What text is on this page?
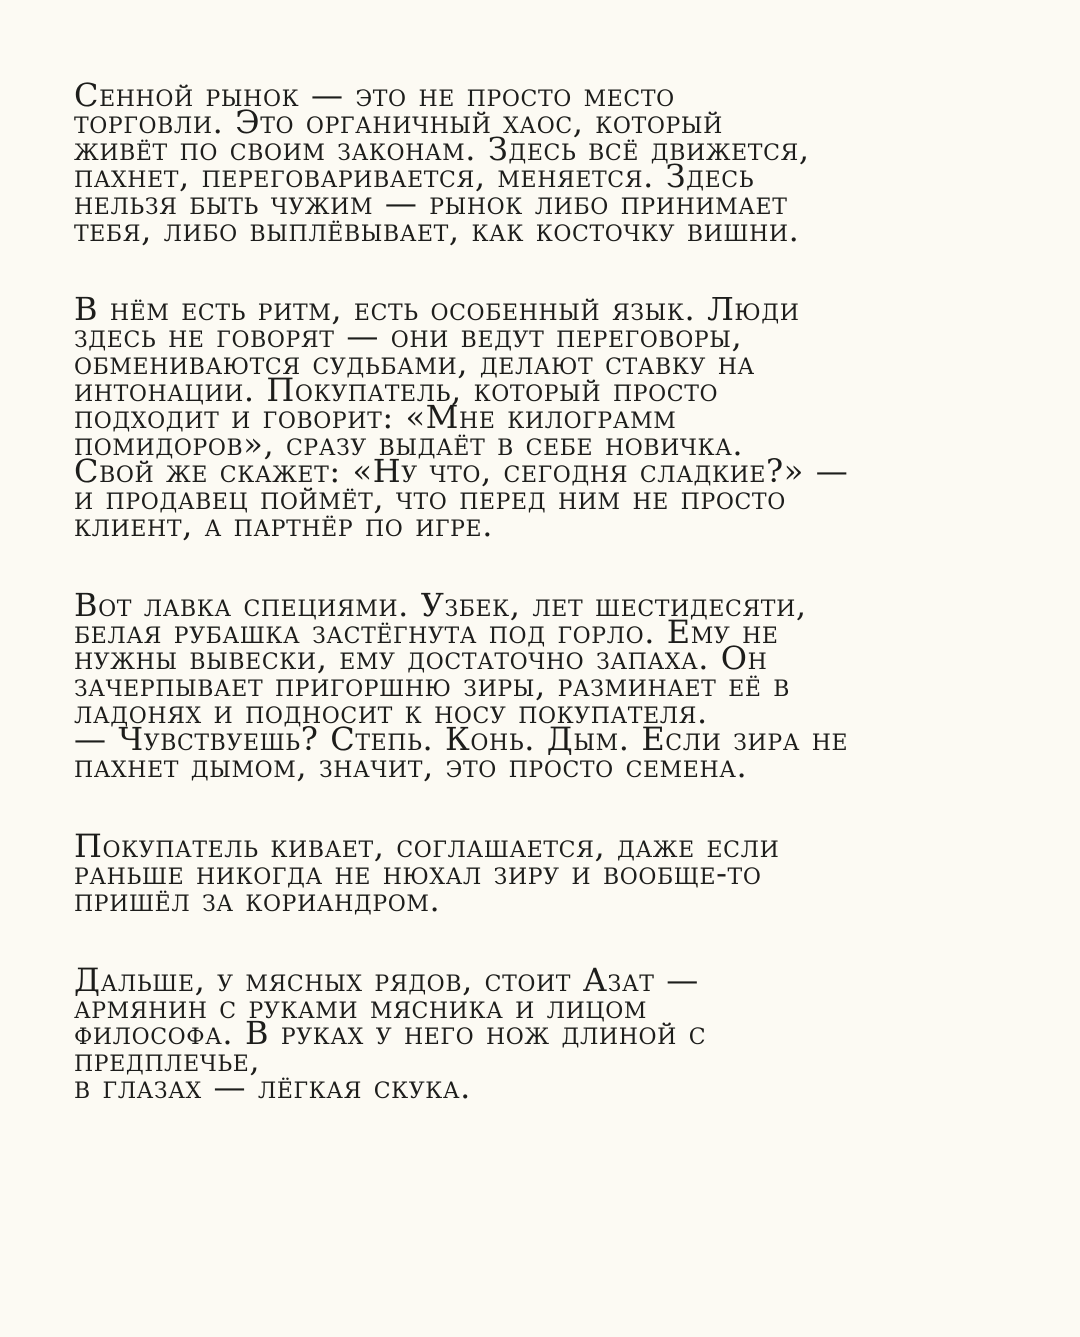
Сенной рынок — это не просто место
торговли. Это органичный хаос, который
живёт по своим законам. Здесь всё движется,
пахнет, переговаривается, меняется. Здесь
нельзя быть чужим — рынок либо принимает
тебя, либо выплёвывает, как косточку вишни.

В нём есть ритм, есть особенный язык. Люди
здесь не говорят — они ведут переговоры,
обмениваются судьбами, делают ставку на
интонации. Покупатель, который просто
подходит и говорит: «Мне килограмм
помидоров», сразу выдаёт в себе новичка.
Свой же скажет: «Ну что, сегодня сладкие?» —
и продавец поймёт, что перед ним не просто
клиент, а партнёр по игре.

Вот лавка специями. Узбек, лет шестидесяти,
белая рубашка застёгнута под горло. Ему не
нужны вывески, ему достаточно запаха. Он
зачерпывает пригоршню зиры, разминает её в
ладонях и подносит к носу покупателя.
— Чувствуешь? Степь. Конь. Дым. Если зира не
пахнет дымом, значит, это просто семена.

Покупатель кивает, соглашается, даже если
раньше никогда не нюхал зиру и вообще-то
пришёл за кориандром.

Дальше, у мясных рядов, стоит Азат —
армянин с руками мясника и лицом
философа. В руках у него нож длиной с
предплечье,
в глазах — лёгкая скука.
